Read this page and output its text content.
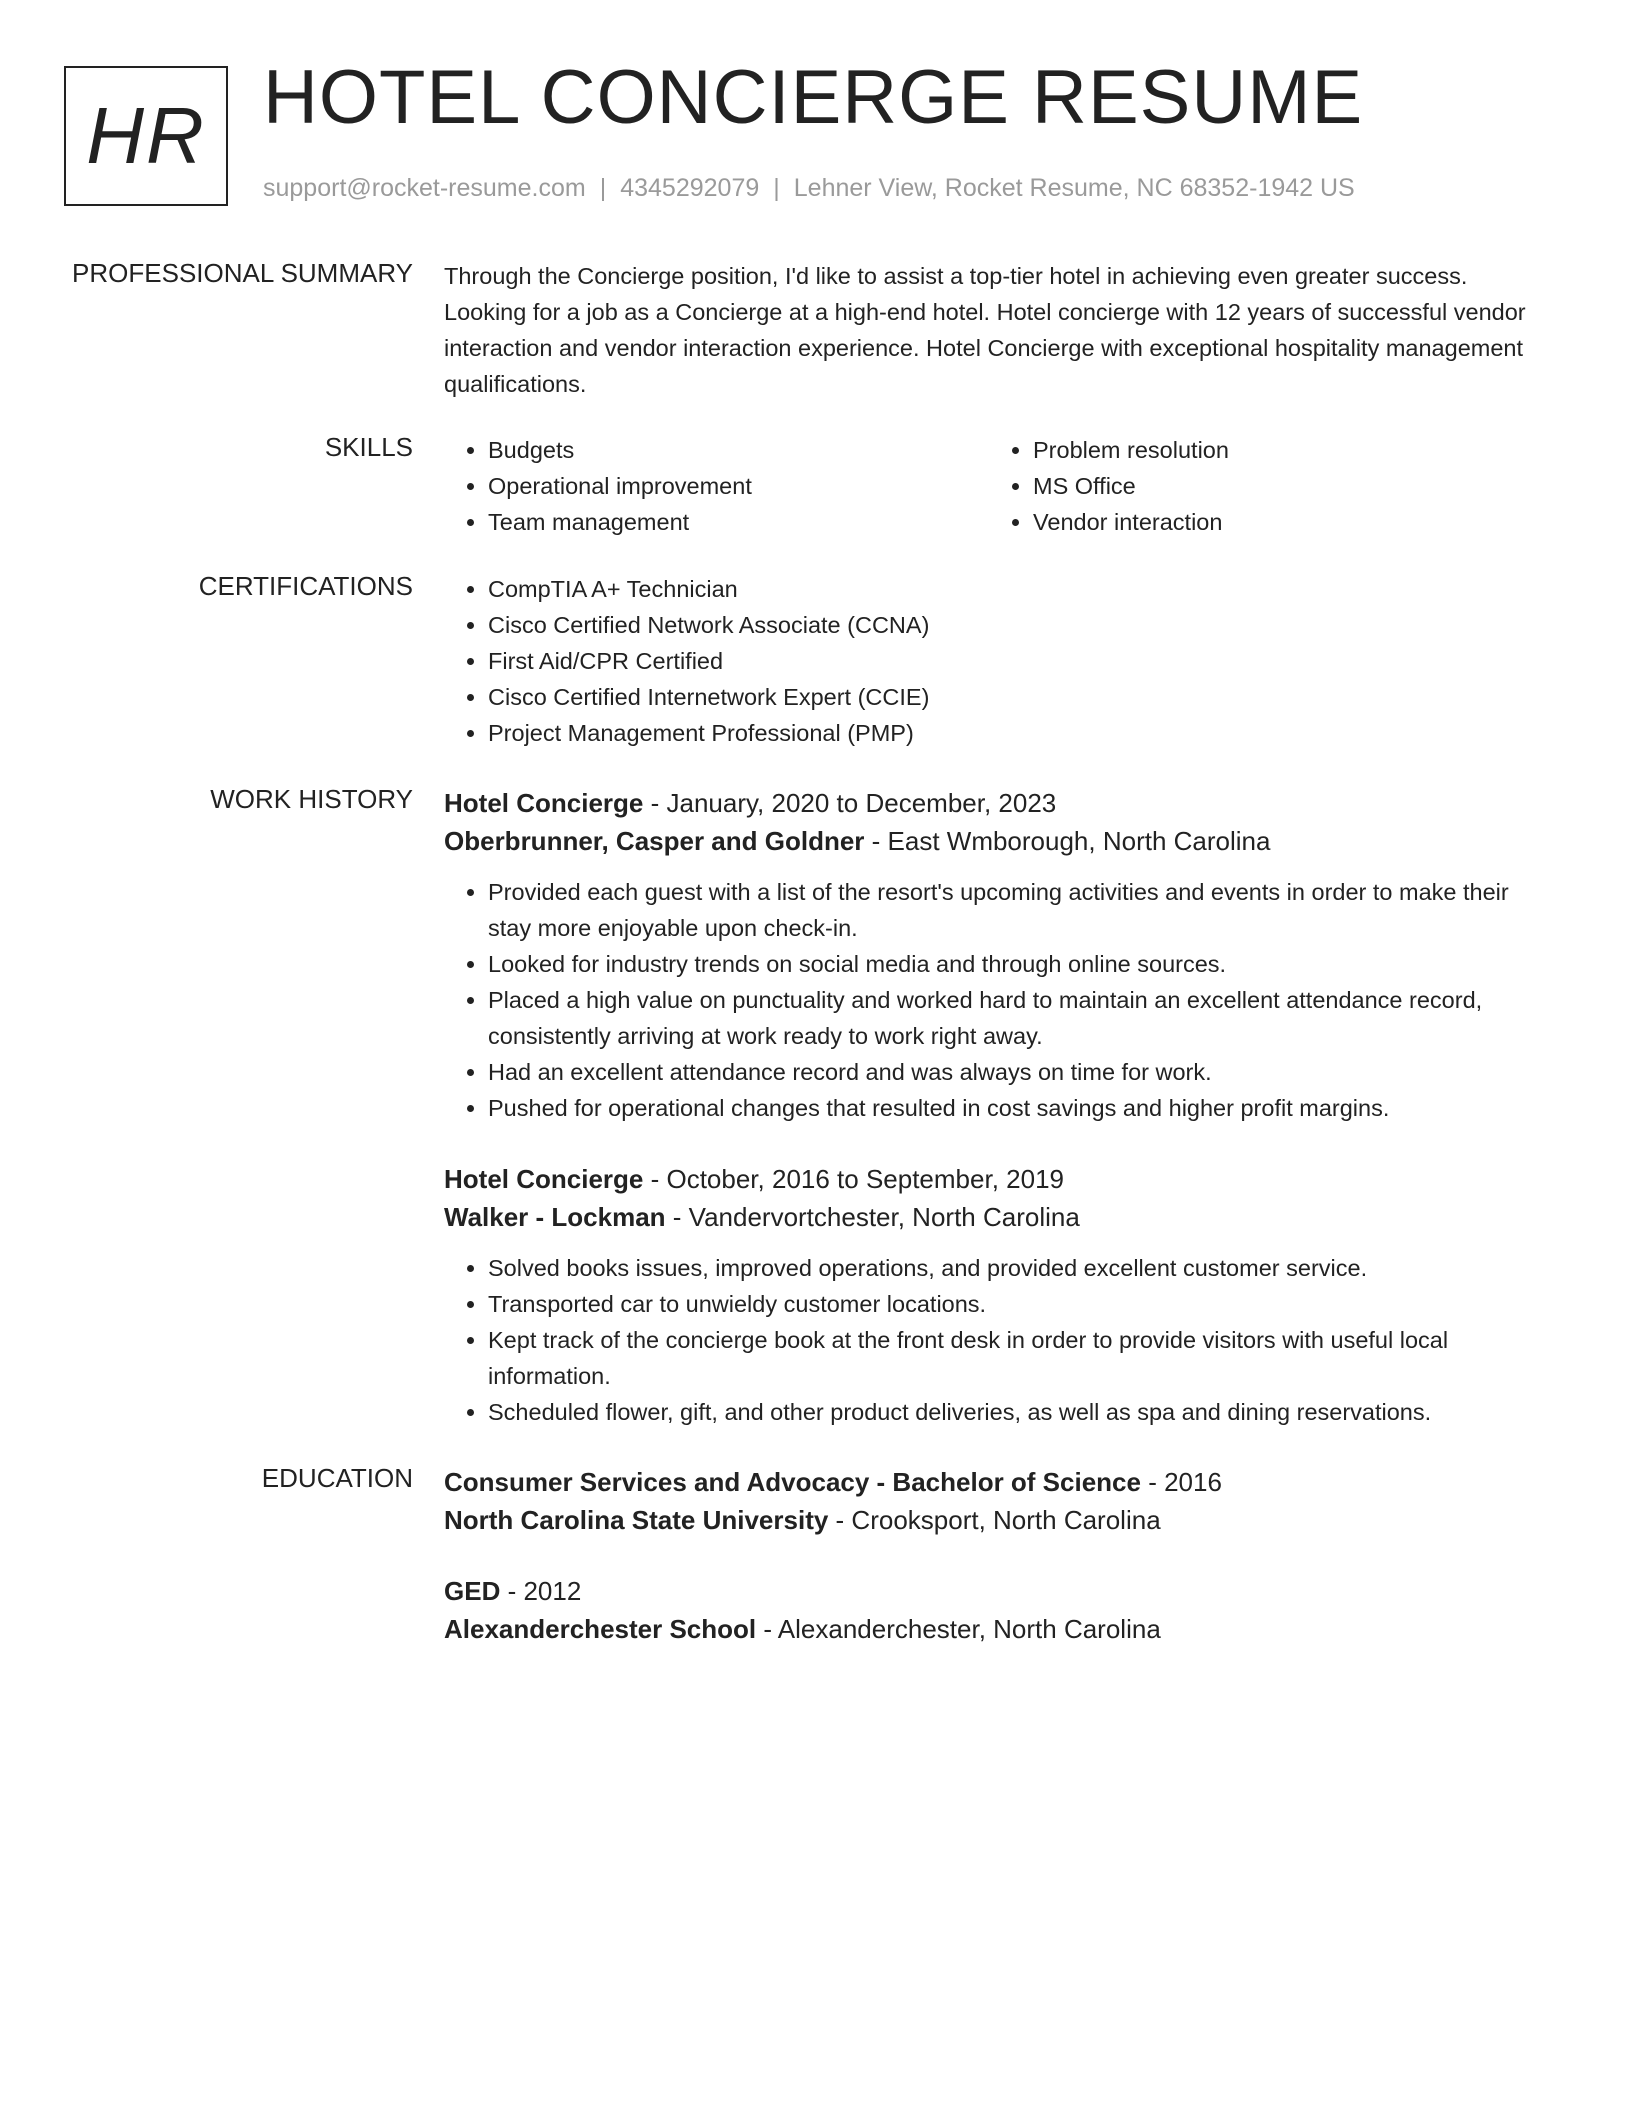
HR HOTEL CONCIERGE RESUME
support@rocket-resume.com | 4345292079 | Lehner View, Rocket Resume, NC 68352-1942 US
PROFESSIONAL SUMMARY Through the Concierge position, I'd like to assist a top-tier hotel in achieving even greater success. Looking for a job as a Concierge at a high-end hotel. Hotel concierge with 12 years of successful vendor interaction and vendor interaction experience. Hotel Concierge with exceptional hospitality management qualifications.
SKILLS	• Budgets
• Operational improvement
• Team management
• Problem resolution
• MS Office
• Vendor interaction
CERTIFICATIONS	• CompTIA A+ Technician
• Cisco Certified Network Associate (CCNA)
• First Aid/CPR Certified
• Cisco Certified Internetwork Expert (CCIE)
• Project Management Professional (PMP)
WORK HISTORY Hotel Concierge - January, 2020 to December, 2023
Oberbrunner, Casper and Goldner - East Wmborough, North Carolina
• Provided each guest with a list of the resort's upcoming activities and events in order to make their stay more enjoyable upon check-in.
• Looked for industry trends on social media and through online sources.
• Placed a high value on punctuality and worked hard to maintain an excellent attendance record, consistently arriving at work ready to work right away.
• Had an excellent attendance record and was always on time for work.
• Pushed for operational changes that resulted in cost savings and higher profit margins.
Hotel Concierge - October, 2016 to September, 2019
Walker - Lockman - Vandervortchester, North Carolina
• Solved books issues, improved operations, and provided excellent customer service.
• Transported car to unwieldy customer locations.
• Kept track of the concierge book at the front desk in order to provide visitors with useful local information.
• Scheduled flower, gift, and other product deliveries, as well as spa and dining reservations.
EDUCATION Consumer Services and Advocacy - Bachelor of Science - 2016
North Carolina State University - Crooksport, North Carolina
GED - 2012
Alexanderchester School - Alexanderchester, North Carolina
